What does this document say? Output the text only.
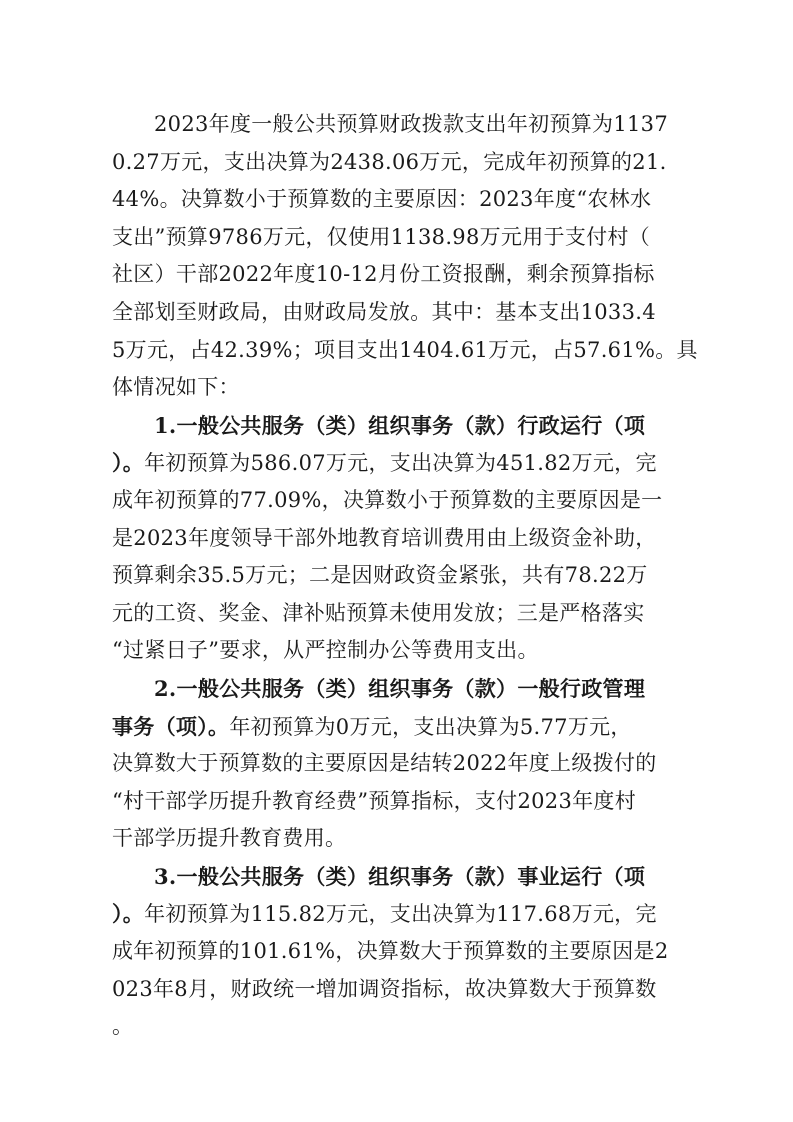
2023年度一般公共预算财政拨款支出年初预算为1137
0.27万元，支出决算为2438.06万元，完成年初预算的21.
44%。决算数小于预算数的主要原因：2023年度“农林水
支出”预算9786万元，仅使用1138.98万元用于支付村（
社区）干部2022年度10-12月份工资报酬，剩余预算指标
全部划至财政局，由财政局发放。其中：基本支出1033.4
5万元，占42.39%；项目支出1404.61万元，占57.61%。具
体情况如下：
1.一般公共服务（类）组织事务（款）行政运行（项
）。年初预算为586.07万元，支出决算为451.82万元，完
成年初预算的77.09%，决算数小于预算数的主要原因是一
是2023年度领导干部外地教育培训费用由上级资金补助，
预算剩余35.5万元；二是因财政资金紧张，共有78.22万
元的工资、奖金、津补贴预算未使用发放；三是严格落实
“过紧日子”要求，从严控制办公等费用支出。
2.一般公共服务（类）组织事务（款）一般行政管理
事务（项）。年初预算为0万元，支出决算为5.77万元，
决算数大于预算数的主要原因是结转2022年度上级拨付的
“村干部学历提升教育经费”预算指标，支付2023年度村
干部学历提升教育费用。
3.一般公共服务（类）组织事务（款）事业运行（项
）。年初预算为115.82万元，支出决算为117.68万元，完
成年初预算的101.61%，决算数大于预算数的主要原因是2
023年8月，财政统一增加调资指标，故决算数大于预算数
。
